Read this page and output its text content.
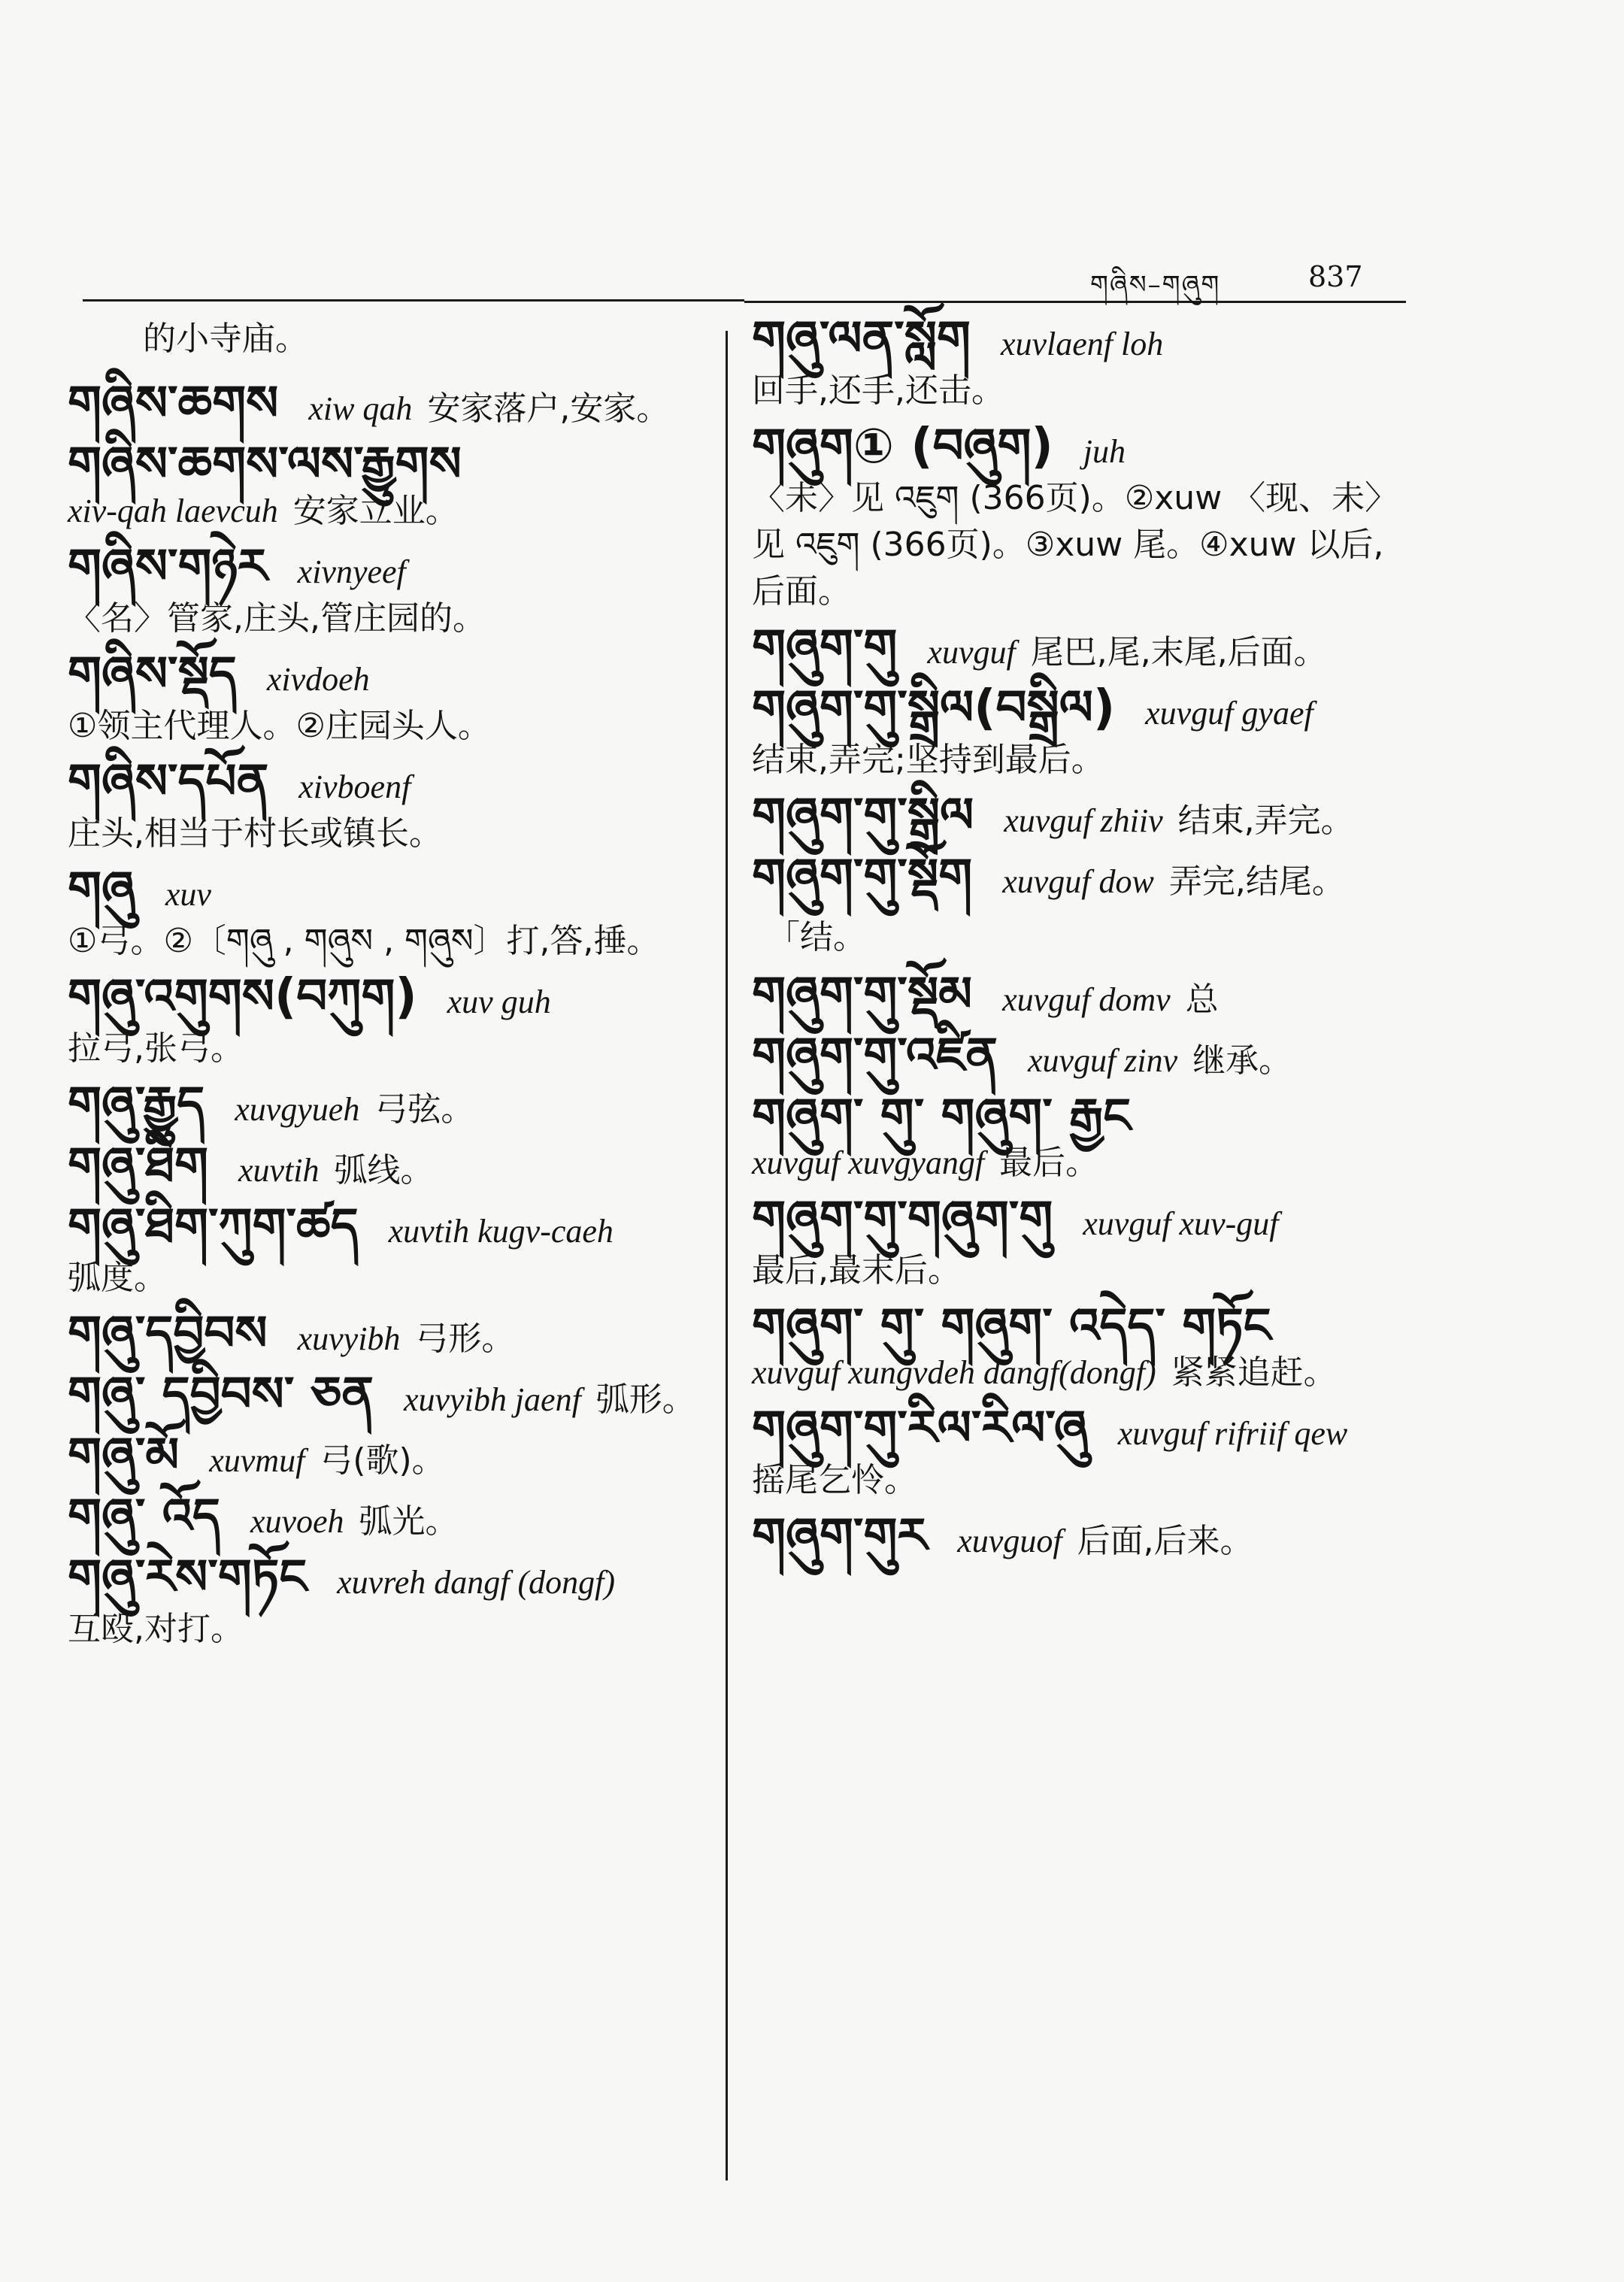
གཞིས–གཞུག	837
的小寺庙。
གཞིས་ཆགས xiw qah 安家落户,安家。
གཞིས་ཆགས་ལས་རྒྱུགས
xiν-qah laeνcuh 安家立业。
གཞིས་གཉེར xiνnyeef
〈名〉管家,庄头,管庄园的。
གཞིས་སྡོད xiνdoeh
①领主代理人。②庄园头人。
གཞིས་དཔོན xiνboenf
庄头,相当于村长或镇长。
གཞུ xuν
①弓。②〔གཞུ , གཞུས , གཞུས〕打,答,捶。
གཞུ་འགུགས(བཀུག) xuν guh
拉弓,张弓。
གཞུ་རྒྱུད xuνgyueh 弓弦。
གཞུ་ཐིག xuνtih 弧线。
གཞུ་ཐིག་ཀུག་ཚད xuνtih kugν-caeh
弧度。
གཞུ་དབྱིབས xuνyibh 弓形。
གཞུ་ དབྱིབས་ ཅན xuνyibh jaenf 弧形。
གཞུ་མོ xuνmuf 弓(歌)。
གཞུ་ འོད xuνoeh 弧光。
གཞུ་རེས་གཏོང xuνreh dangf (dongf)
互殴,对打。
གཞུ་ལན་སློག xuνlaenf loh
回手,还手,还击。
གཞུག① (བཞུག) juh
〈未〉见 འཇུག (366页)。②xuw 〈现、未〉见 འཇུག (366页)。③xuw 尾。④xuw 以后,后面。
གཞུག་གུ xuνguf 尾巴,尾,末尾,后面。
གཞུག་གུ་སྒྲིལ(བསྒྲིལ) xuνguf gyaef
结束,弄完;坚持到最后。
གཞུག་གུ་སྒྲིལ xuνguf zhiiν 结束,弄完。
གཞུག་གུ་སྡོག xuνguf dow 弄完,结尾。
「结。
གཞུག་གུ་སྡོམ xuνguf domν 总
གཞུག་གུ་འཛིན xuνguf zinν 继承。
གཞུག་ གུ་ གཞུག་ རྒྱང
xuνguf xuνgyangf 最后。
གཞུག་གུ་གཞུག་གུ xuνguf xuν-guf
最后,最末后。
གཞུག་ གུ་ གཞུག་ འདེད་ གཏོང
xuνguf xungνdeh dangf(dongf) 紧紧追赶。
གཞུག་གུ་རིལ་རིལ་ཞུ xuνguf rifriif qew
摇尾乞怜。
གཞུག་གུར xuνguof 后面,后来。
